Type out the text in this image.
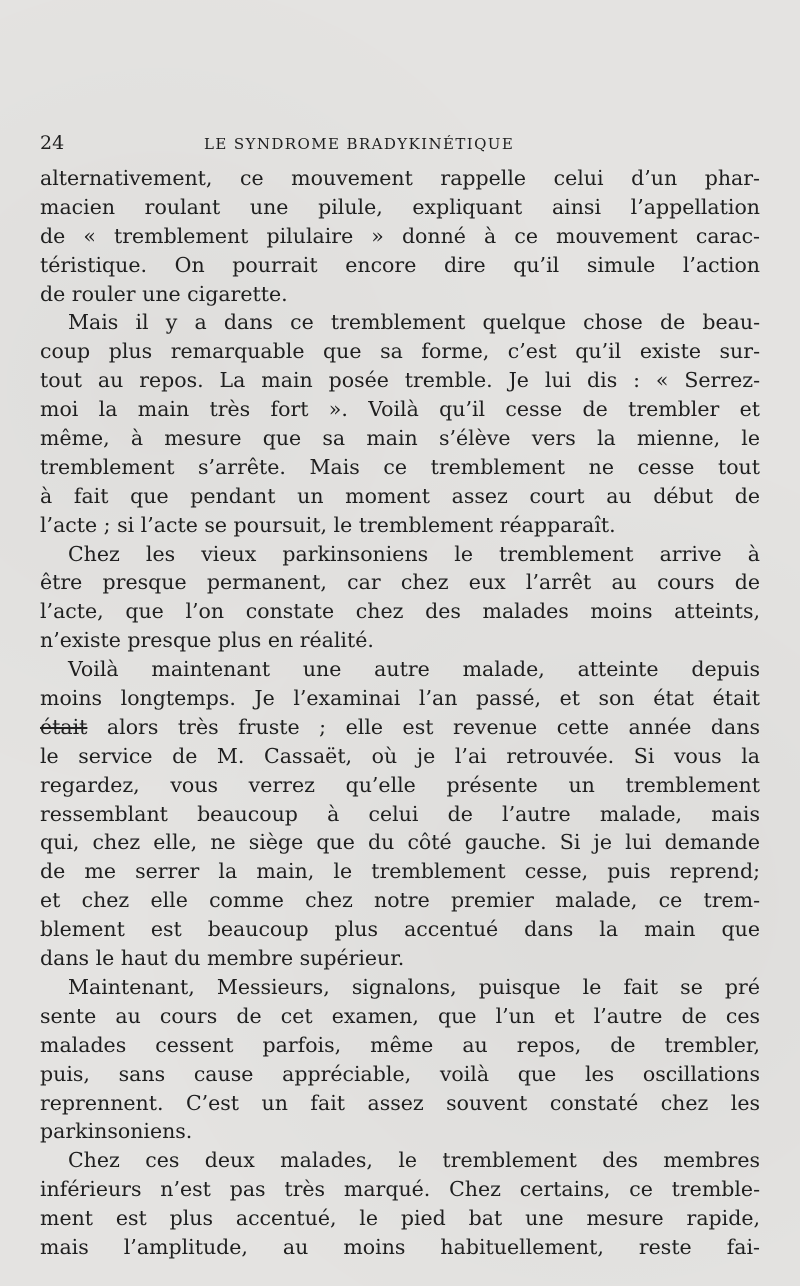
24	LE SYNDROME BRADYKINÉTIQUE
alternativement, ce mouvement rappelle celui d’un phar-
macien roulant une pilule, expliquant ainsi l’appellation
de « tremblement pilulaire » donné à ce mouvement carac-
téristique. On pourrait encore dire qu’il simule l’action
de rouler une cigarette.
Mais il y a dans ce tremblement quelque chose de beau-
coup plus remarquable que sa forme, c’est qu’il existe sur-
tout au repos. La main posée tremble. Je lui dis : « Serrez-
moi la main très fort ». Voilà qu’il cesse de trembler et
même, à mesure que sa main s’élève vers la mienne, le
tremblement s’arrête. Mais ce tremblement ne cesse tout
à fait que pendant un moment assez court au début de
l’acte ; si l’acte se poursuit, le tremblement réapparaît.
Chez les vieux parkinsoniens le tremblement arrive à
être presque permanent, car chez eux l’arrêt au cours de
l’acte, que l’on constate chez des malades moins atteints,
n’existe presque plus en réalité.
Voilà maintenant une autre malade, atteinte depuis
moins longtemps. Je l’examinai l’an passé, et son état était
était alors très fruste ; elle est revenue cette année dans
le service de M. Cassaët, où je l’ai retrouvée. Si vous la
regardez, vous verrez qu’elle présente un tremblement
ressemblant beaucoup à celui de l’autre malade, mais
qui, chez elle, ne siège que du côté gauche. Si je lui demande
de me serrer la main, le tremblement cesse, puis reprend;
et chez elle comme chez notre premier malade, ce trem-
blement est beaucoup plus accentué dans la main que
dans le haut du membre supérieur.
Maintenant, Messieurs, signalons, puisque le fait se pré
sente au cours de cet examen, que l’un et l’autre de ces
malades cessent parfois, même au repos, de trembler,
puis, sans cause appréciable, voilà que les oscillations
reprennent. C’est un fait assez souvent constaté chez les
parkinsoniens.
Chez ces deux malades, le tremblement des membres
inférieurs n’est pas très marqué. Chez certains, ce tremble-
ment est plus accentué, le pied bat une mesure rapide,
mais l’amplitude, au moins habituellement, reste fai-
